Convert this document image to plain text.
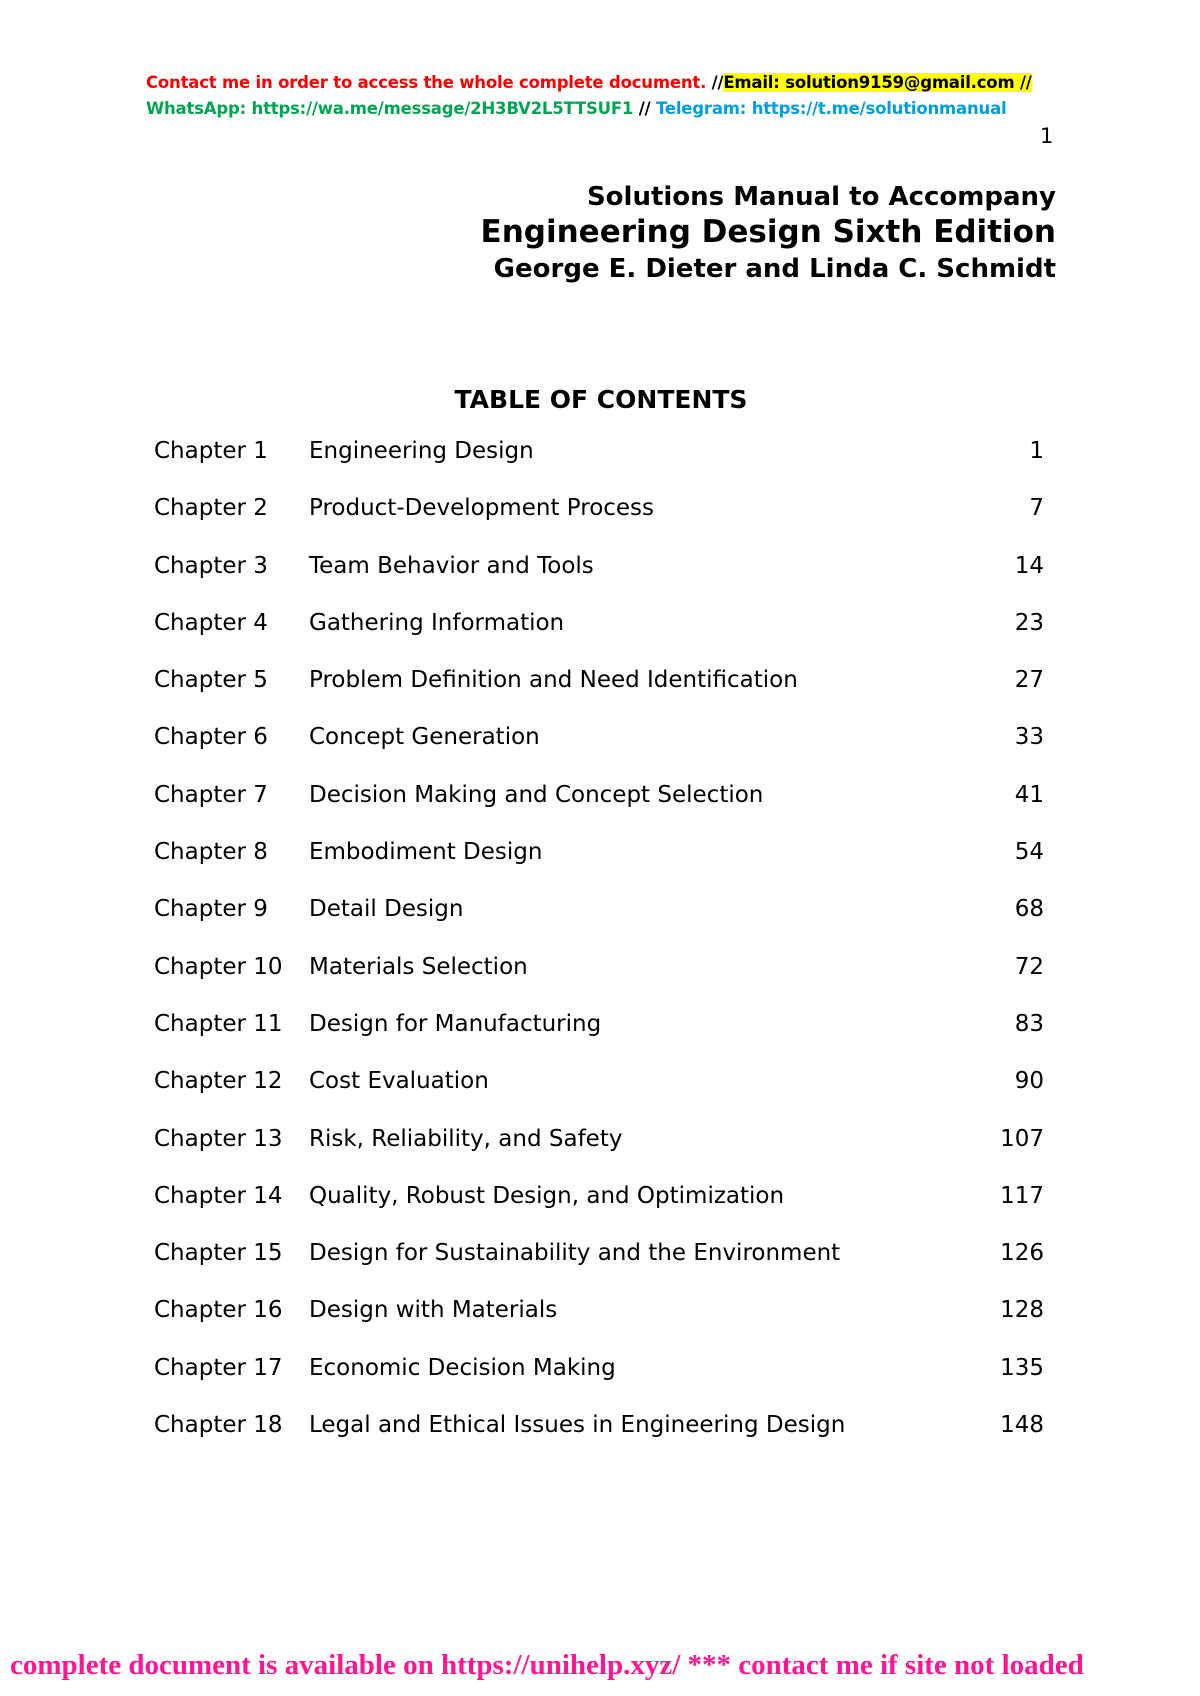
Contact me in order to access the whole complete document. //Email: solution9159@gmail.com //
WhatsApp: https://wa.me/message/2H3BV2L5TTSUF1 // Telegram: https://t.me/solutionmanual
1
Solutions Manual to Accompany
Engineering Design Sixth Edition
George E. Dieter and Linda C. Schmidt
TABLE OF CONTENTS
Chapter 1 Engineering Design	1
Chapter 2 Product-Development Process	7
Chapter 3 Team Behavior and Tools	14
Chapter 4 Gathering Information	23
Chapter 5 Problem Definition and Need Identification	27
Chapter 6 Concept Generation	33
Chapter 7 Decision Making and Concept Selection	41
Chapter 8 Embodiment Design	54
Chapter 9 Detail Design	68
Chapter 10 Materials Selection	72
Chapter 11 Design for Manufacturing	83
Chapter 12 Cost Evaluation	90
Chapter 13 Risk, Reliability, and Safety	107
Chapter 14 Quality, Robust Design, and Optimization	117
Chapter 15 Design for Sustainability and the Environment	126
Chapter 16 Design with Materials	128
Chapter 17 Economic Decision Making	135
Chapter 18 Legal and Ethical Issues in Engineering Design	148
complete document is available on https://unihelp.xyz/ *** contact me if site not loaded
